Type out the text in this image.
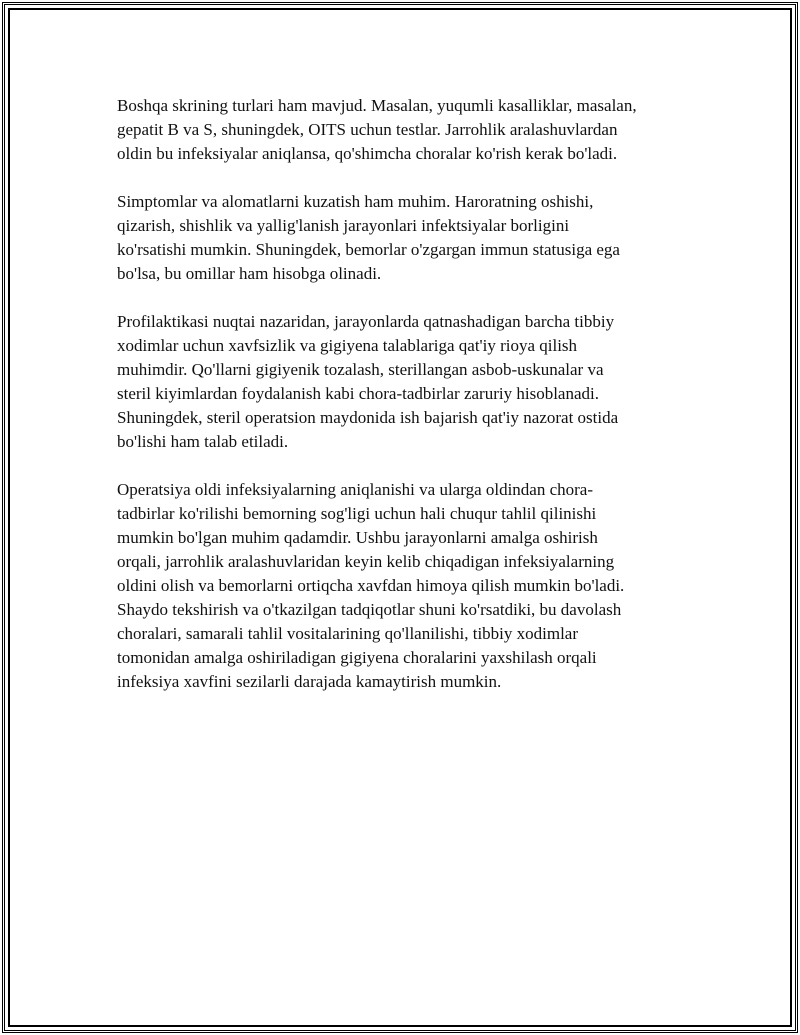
Boshqa skrining turlari ham mavjud. Masalan, yuqumli kasalliklar, masalan,
gepatit B va S, shuningdek, OITS uchun testlar. Jarrohlik aralashuvlardan
oldin bu infeksiyalar aniqlansa, qo'shimcha choralar ko'rish kerak bo'ladi.

Simptomlar va alomatlarni kuzatish ham muhim. Haroratning oshishi,
qizarish, shishlik va yallig'lanish jarayonlari infektsiyalar borligini
ko'rsatishi mumkin. Shuningdek, bemorlar o'zgargan immun statusiga ega
bo'lsa, bu omillar ham hisobga olinadi.

Profilaktikasi nuqtai nazaridan, jarayonlarda qatnashadigan barcha tibbiy
xodimlar uchun xavfsizlik va gigiyena talablariga qat'iy rioya qilish
muhimdir. Qo'llarni gigiyenik tozalash, sterillangan asbob-uskunalar va
steril kiyimlardan foydalanish kabi chora-tadbirlar zaruriy hisoblanadi.
Shuningdek, steril operatsion maydonida ish bajarish qat'iy nazorat ostida
bo'lishi ham talab etiladi.

Operatsiya oldi infeksiyalarning aniqlanishi va ularga oldindan chora-
tadbirlar ko'rilishi bemorning sog'ligi uchun hali chuqur tahlil qilinishi
mumkin bo'lgan muhim qadamdir. Ushbu jarayonlarni amalga oshirish
orqali, jarrohlik aralashuvlaridan keyin kelib chiqadigan infeksiyalarning
oldini olish va bemorlarni ortiqcha xavfdan himoya qilish mumkin bo'ladi.
Shaydo tekshirish va o'tkazilgan tadqiqotlar shuni ko'rsatdiki, bu davolash
choralari, samarali tahlil vositalarining qo'llanilishi, tibbiy xodimlar
tomonidan amalga oshiriladigan gigiyena choralarini yaxshilash orqali
infeksiya xavfini sezilarli darajada kamaytirish mumkin.
